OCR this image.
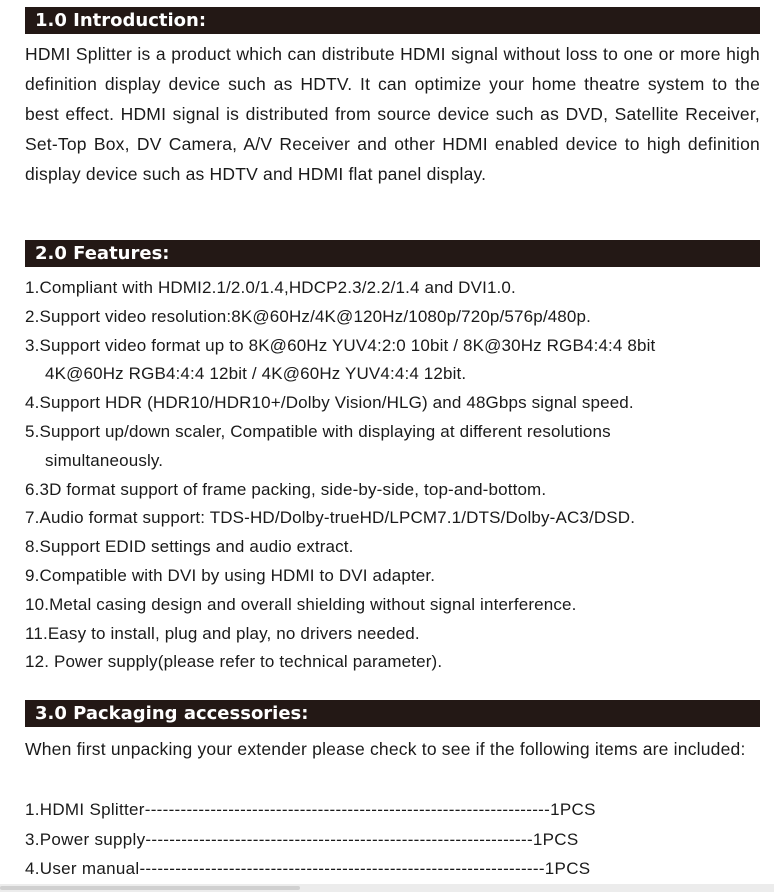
1.0 Introduction:

HDMI Splitter is a product which can distribute HDMI signal without loss to one or more high definition display device such as HDTV. It can optimize your home theatre system to the best effect. HDMI signal is distributed from source device such as DVD, Satellite Receiver, Set-Top Box, DV Camera, A/V Receiver and other HDMI enabled device to high definition display device such as HDTV and HDMI flat panel display.

2.0 Features:
1.Compliant with HDMI2.1/2.0/1.4,HDCP2.3/2.2/1.4 and DVI1.0.
2.Support video resolution:8K@60Hz/4K@120Hz/1080p/720p/576p/480p.
3.Support video format up to 8K@60Hz YUV4:2:0 10bit / 8K@30Hz RGB4:4:4 8bit
4K@60Hz RGB4:4:4 12bit / 4K@60Hz YUV4:4:4 12bit.
4.Support HDR (HDR10/HDR10+/Dolby Vision/HLG) and 48Gbps signal speed.
5.Support up/down scaler, Compatible with displaying at different resolutions
simultaneously.
6.3D format support of frame packing, side-by-side, top-and-bottom.
7.Audio format support: TDS-HD/Dolby-trueHD/LPCM7.1/DTS/Dolby-AC3/DSD.
8.Support EDID settings and audio extract.
9.Compatible with DVI by using HDMI to DVI adapter.
10.Metal casing design and overall shielding without signal interference.
11.Easy to install, plug and play, no drivers needed.
12. Power supply(please refer to technical parameter).
3.0 Packaging accessories:

When first unpacking your extender please check to see if the following items are included:

1.HDMI Splitter--------------------------------------------------------------------1PCS
3.Power supply-----------------------------------------------------------------1PCS
4.User manual--------------------------------------------------------------------1PCS
